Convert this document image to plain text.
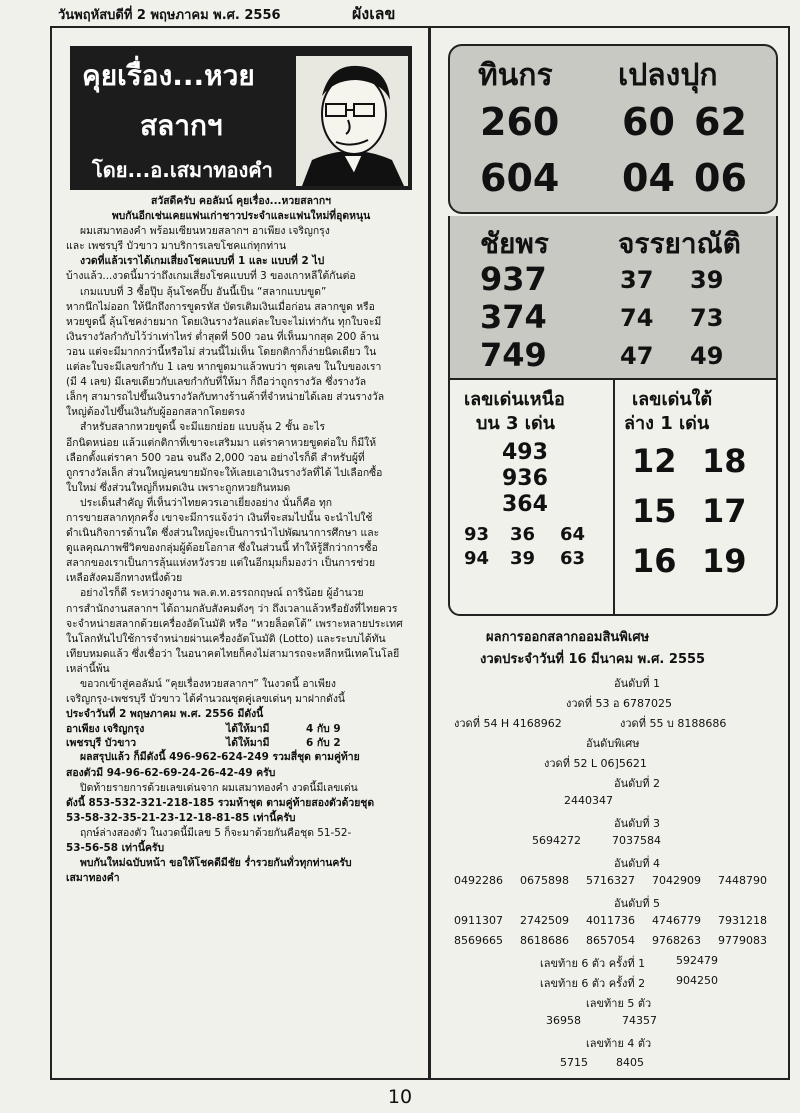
วันพฤหัสบดีที่ 2 พฤษภาคม พ.ศ. 2556	ผังเลข
คุยเรื่อง...หวย
สลากฯ
โดย...อ.เสมาทองคำ

สวัสดีครับ คอลัมน์ คุยเรื่อง...หวยสลากฯ

พบกันอีกเช่นเคยแฟนเก่าชาวประจำและแฟนใหม่ที่อุดหนุน

ผมเสมาทองคำ พร้อมเซียนหวยสลากฯ อาเพียง เจริญกรุง

และ เพชรบุรี บัวขาว มาบริการเลขโชคแก่ทุกท่าน

งวดที่แล้วเราได้เกมเสี่ยงโชคแบบที่ 1 และ แบบที่ 2 ไป

บ้างแล้ว...งวดนี้มาว่าถึงเกมเสี่ยงโชคแบบที่ 3 ของเกาหลีใต้กันต่อ

เกมแบบที่ 3 ซื้อปุ๊บ ลุ้นโชคปั๊บ อันนี้เป็น “สลากแบบขูด”

หากนึกไม่ออก ให้นึกถึงการขูดรหัส บัตรเติมเงินเมื่อก่อน สลากขูด หรือ

หวยขูดนี้ ลุ้นโชคง่ายมาก โดยเงินรางวัลแต่ละใบจะไม่เท่ากัน ทุกใบจะมี

เงินรางวัลกำกับไว้ว่าเท่าไหร่ ต่ำสุดที่ 500 วอน ที่เห็นมากสุด 200 ล้าน

วอน แต่จะมีมากกว่านี้หรือไม่ ส่วนนี้ไม่เห็น โดยกติกาก็ง่ายนิดเดียว ใน

แต่ละใบจะมีเลขกำกับ 1 เลข หากขูดมาแล้วพบว่า ชุดเลข ในใบของเรา

(มี 4 เลข) มีเลขเดียวกับเลขกำกับที่ให้มา ก็ถือว่าถูกรางวัล ซึ่งรางวัล

เล็กๆ สามารถไปขึ้นเงินรางวัลกับทางร้านค้าที่จำหน่ายได้เลย ส่วนรางวัล

ใหญ่ต้องไปขึ้นเงินกับผู้ออกสลากโดยตรง

สำหรับสลากหวยขูดนี้ จะมีแยกย่อย แบบลุ้น 2 ชั้น อะไร

อีกนิดหน่อย แล้วแต่กติกาที่เขาจะเสริมมา แต่ราคาหวยขูดต่อใบ ก็มีให้

เลือกตั้งแต่ราคา 500 วอน จนถึง 2,000 วอน อย่างไรก็ดี สำหรับผู้ที่

ถูกรางวัลเล็ก ส่วนใหญ่คนขายมักจะให้เลยเอาเงินรางวัลที่ได้ ไปเลือกซื้อ

ใบใหม่ ซึ่งส่วนใหญ่ก็หมดเงิน เพราะถูกหวยกินหมด

ประเด็นสำคัญ ที่เห็นว่าไทยควรเอาเยี่ยงอย่าง นั่นก็คือ ทุก

การขายสลากทุกครั้ง เขาจะมีการแจ้งว่า เงินที่จะสมไปนั้น จะนำไปใช้

ดำเนินกิจการด้านใด ซึ่งส่วนใหญ่จะเป็นการนำไปพัฒนาการศึกษา และ

ดูแลคุณภาพชีวิตของกลุ่มผู้ด้อยโอกาส ซึ่งในส่วนนี้ ทำให้รู้สึกว่าการซื้อ

สลากของเราเป็นการลุ้นแห่งหวังรวย แต่ในอีกมุมก็มองว่า เป็นการช่วย

เหลือสังคมอีกทางหนึ่งด้วย

อย่างไรก็ดี ระหว่างดูงาน พล.ต.ท.อรรถกฤษณ์ ถาริน้อย ผู้อำนวย

การสำนักงานสลากฯ ได้ถามกลับสังคมดังๆ ว่า ถึงเวลาแล้วหรือยังที่ไทยควร

จะจำหน่ายสลากด้วยเครื่องอัตโนมัติ หรือ “หวยล็อตโต้” เพราะหลายประเทศ

ในโลกหันไปใช้การจำหน่ายผ่านเครื่องอัตโนมัติ (Lotto) และระบบได้ทัน

เทียบหมดแล้ว ซึ่งเชื่อว่า ในอนาคตไทยก็คงไม่สามารถจะหลีกหนีเทคโนโลยี

เหล่านี้พ้น

ขอวกเข้าสู่คอลัมน์ “คุยเรื่องหวยสลากฯ” ในงวดนี้ อาเพียง

เจริญกรุง-เพชรบุรี บัวขาว ได้คำนวณชุดคู่เลขเด่นๆ มาฝากดังนี้

ประจำวันที่ 2 พฤษภาคม พ.ศ. 2556 มีดังนี้

อาเพียง เจริญกรุง	ได้ให้มามี	4 กับ 9
เพชรบุรี บัวขาว	ได้ให้มามี	6 กับ 2

ผลสรุปแล้ว ก็มีดังนี้ 496-962-624-249 รวมสี่ชุด ตามคู่ท้าย

สองตัวมี 94-96-62-69-24-26-42-49 ครับ

ปิดท้ายรายการด้วยเลขเด่นจาก ผมเสมาทองคำ งวดนี้มีเลขเด่น

ดังนี้ 853-532-321-218-185 รวมห้าชุด ตามคู่ท้ายสองตัวด้วยชุด

53-58-32-35-21-23-12-18-81-85 เท่านี้ครับ

ฤกษ์ล่างสองตัว ในงวดนี้มีเลข 5 ก็จะมาด้วยกันคือชุด 51-52-

53-56-58 เท่านี้ครับ

พบกันใหม่ฉบับหน้า ขอให้โชคดีมีชัย ร่ำรวยกันทั่วทุกท่านครับ

เสมาทองคำ

ทินกร เปลงปุก
260 60 62
604 04 06
ชัยพร จรรยาณัติ
937	37 39
374	74 73
749	47 49
เลขเด่นเหนือ
บน 3 เด่น
เลขเด่นใต้
ล่าง 1 เด่น
493
936
364
93 36 64
94 39 63
12 18
15 17
16 19
ผลการออกสลากออมสินพิเศษ
งวดประจำวันที่ 16 มีนาคม พ.ศ. 2555
อันดับที่ 1
งวดที่ 53 อ 6787025
งวดที่ 54 H 4168962	งวดที่ 55 บ 8188686
อันดับพิเศษ
งวดที่ 52 L 06]5621
อันดับที่ 2
2440347
อันดับที่ 3
5694272	7037584
อันดับที่ 4
0492286 0675898 5716327 7042909 7448790
อันดับที่ 5
0911307 2742509 4011736 4746779 7931218
8569665 8618686 8657054 9768263 9779083
เลขท้าย 6 ตัว ครั้งที่ 1	592479
เลขท้าย 6 ตัว ครั้งที่ 2	904250
เลขท้าย 5 ตัว
36958	74357
เลขท้าย 4 ตัว
5715	8405
10
